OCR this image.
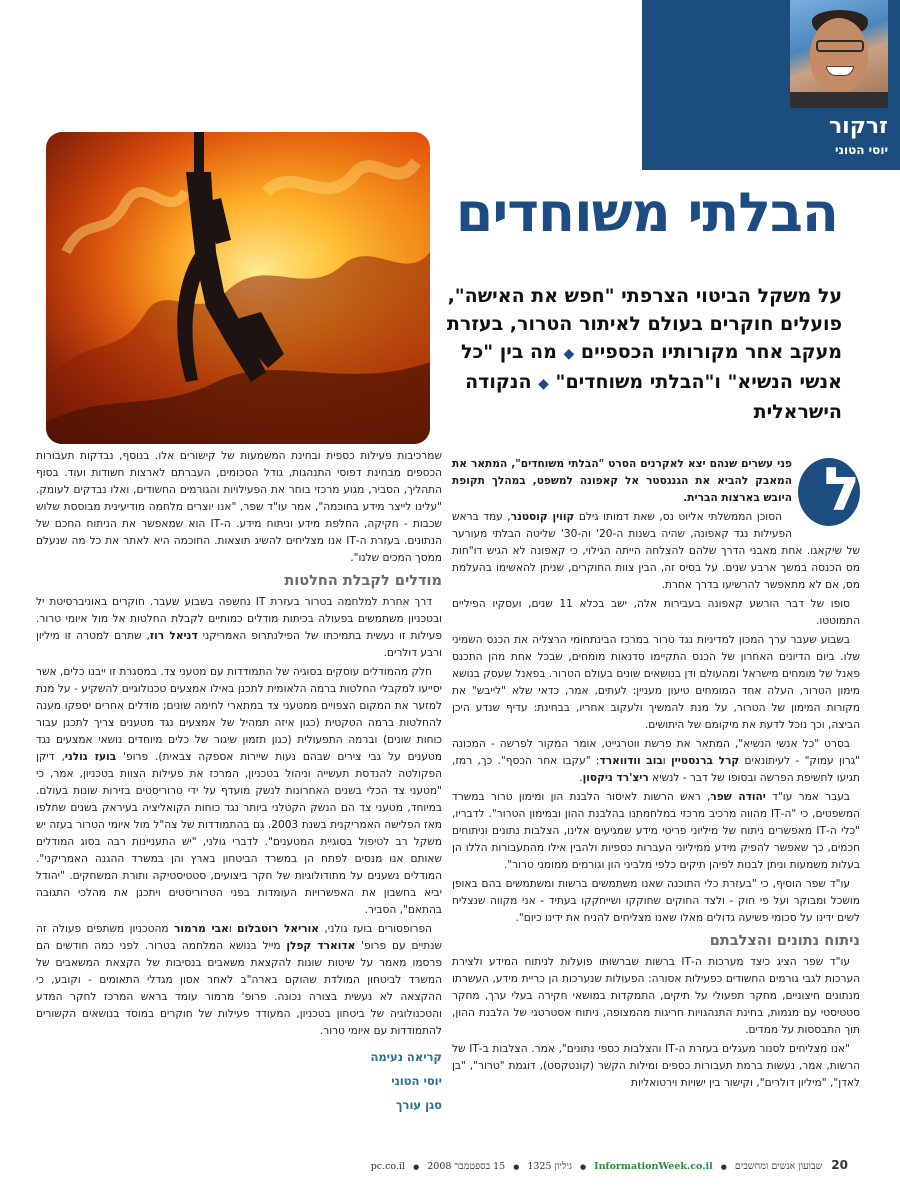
זרקור
יוסי הטוני
הבלתי משוחדים
על משקל הביטוי הצרפתי "חפש את האישה", פועלים חוקרים בעולם לאיתור הטרור, בעזרת מעקב אחר מקורותיו הכספיים ◆ מה בין "כל אנשי הנשיא" ו"הבלתי משוחדים" ◆ הנקודה הישראלית
ל

פני עשרים שנהם יצא לאקרנים הסרט "הבלתי משוחדים", המתאר את המאבק להביא את הגנגסטר אל קאפונה למשפט, במהלך תקופת היובש בארצות הברית.

הסוכן הממשלתי אליוט נס, שאת דמותו גילם קווין קוסטנר, עמד בראש הפעילות נגד קאפונה, שהיה בשנות ה-20' וה-30' שליטה הבלתי מעורער של שיקאגו. אחת מאבני הדרך שלהם להצלחה הייתה הגילוי, כי קאפונה לא הגיש דו"חות מס הכנסה במשך ארבע שנים. על בסיס זה, הבין צוות החוקרים, שניתן להאשימו בהעלמת מס, אם לא מתאפשר להרשיעו בדרך אחרת.

סופו של דבר הורשע קאפונה בעבירות אלה, ישב בכלא 11 שנים, ועסקיו הפיליים התמוטטו.

בשבוע שעבר ערך המכון למדיניות נגד טרור במרכז הבינתחומי הרצליה את הכנס השמיני שלו. ביום הדיונים האחרון של הכנס התקיימו סדנאות מומחים, שבכל אחת מהן התכנס פאנל של מומחים מישראל ומהעולם ודן בנושאים שונים בעולם הטרור. בפאנל שעסק בנושא מימון הטרור, העלה אחד המומחים טיעון מעניין: לעתים, אמר, כדאי שלא "לייבש" את מקורות המימון של הטרור, על מנת להמשיך ולעקוב אחריו, בבחינת: עדיף שנדע היכן הביצה, וכך נוכל לדעת את מיקומם של היתושים.

בסרט "כל אנשי הנשיא", המתאר את פרשת ווטרגייט, אומר המקור לפרשה - המכונה "גרון עמוק" - לעיתונאים קרל ברנסטיין ובוב וודווארד: "עקבו אחר הכסף". כך, רמז, תגיעו לחשיפת הפרשה ובסופו של דבר - לנשיא ריצ'רד ניקסון.

בעבר אמר עו"ד יהודה שפר, ראש הרשות לאיסור הלבנת הון ומימון טרור במשרד המשפטים, כי "ה-IT מהווה מרכיב מרכזי במלחמתנו בהלבנת ההון ובמימון הטרור". לדבריו, "כלי ה-IT מאפשרים ניתוח של מיליוני פריטי מידע שמגיעים אלינו, הצלבות נתונים וניתוחים חכמים, כך שאפשר להפיק מידע ממיליוני העברות כספיות ולהבין אילו מהתעבורות הללו הן בעלות משמעות וניתן לבנות לפיהן תיקים כלפי מלביני הון וגורמים ממומני טרור".

עו"ד שפר הוסיף, כי "בעזרת כלי התוכנה שאנו משתמשים ברשות ומשתמשים בהם באופן מושכל ומבוקר ועל פי חוק - ולצד החוקים שחוקקו ושייחקקו בעתיד - אני מקווה שנצליח לשים ידינו על סכומי פשיעה גדולים מאלו שאנו מצליחים להניח את ידינו כיום".

ניתוח נתונים והצלבתם

עו"ד שפר הציג כיצד מערכות ה-IT ברשות שברשותו פועלות לניתוח המידע ולצירת הערכות לגבי גורמים החשודים כפעילות אסורה: הפעולות שנערכות הן כריית מידע, העשרתו מנתונים חיצוניים, מחקר תפעולי על תיקים, התמקדות במושאי חקירה בעלי ערך, מחקר סטטיסטי עם מגמות, בחינת התנהגויות חריגות מהמצופה, ניתוח אסטרטגי של הלבנת ההון, תוך התבססות על ממדים.

"אנו מצליחים לסנור מעגלים בעזרת ה-IT והצלבות כספי נתונים", אמר. הצלבות ב-IT של הרשות, אמר, נעשות ברמת תעבורות כספים ומילות הקשר (קונטקסט), דוגמת "טרור", "בן לאדן", "מיליון דולרים", וקישור בין ישויות וירטואליות

שמרכיבות פעילות כספית ובחינת המשמעות של קישורים אלו. בנוסף, נבדקות תעבורות הכספים מבחינת דפוסי התנהגות, גודל הסכומים, העברתם לארצות חשודות ועוד. בסוף התהליך, הסביר, מגוע מרכזי בוחר את הפעילויות והגורמים החשודים, ואלו נבדקים לעומק. "עלינו לייצר מידע בחוכמה", אמר עו"ד שפר, "אנו יוצרים מלחמה מודיעינית מבוססת שלוש שכבות - חקיקה, החלפת מידע וניתוח מידע. ה-IT הוא שמאפשר את הניתוח החכם של הנתונים. בעזרת ה-IT אנו מצליחים להשיג תוצאות. החוכמה היא לאתר את כל מה שנעלם ממסך המכים שלנו".

מודלים לקבלת החלטות

דרך אחרת למלחמה בטרור בעזרת IT נחשפה בשבוע שעבר. חוקרים באוניברסיטת יל ובטכניון משתמשים בפעולה בכיתות מודלים כמותיים לקבלת החלטות אל מול איומי טרור. פעילות זו נעשית בתמיכתו של הפילנתרופ האמריקני דניאל רוז, שתרם למטרה זו מיליון ורבע דולרים.

חלק מהמודלים עוסקים בסוגיה של התמודדות עם מטעני צד. במסגרת זו ייבנו כלים, אשר יסייעו למקבלי החלטות ברמה הלאומית לתכנן באילו אמצעים טכנולוגיים להשקיע - על מנת למזער את המקום הצפויים ממטעני צד במתארי לחימה שונים; מודלים אחרים יספקו מענה להחלטות ברמה הטקטית (כגון איזה תמהיל של אמצעים נגד מטענים צריך לתכנן עבור כוחות שונים) וברמה התפעולית (כגון תזמון שיגור של כלים מיוחדים נושאי אמצעים נגד מטענים על גבי צירים שבהם נעות שיירות אספקה צבאית). פרופ' בועז גולני, דיקן הפקולטה להנדסת תעשייה וניהול בטכניון, המרכז את פעילות הצוות בטכניון, אמר, כי "מטעני צד הכלי בשנים האחרונות לנשק מועדף על ידי טרוריסטים בזירות שונות בעולם. במיוחד, מטעני צד הם הנשק הקטלני ביותר נגד כוחות הקואליציה בעיראק בשנים שחלפו מאז הפלישה האמריקנית בשנת 2003. גם בהתמודדות של צה"ל מול איומי הטרור בעזה יש משקל רב לטיפול בסוגיית המטענים". לדברי גולני, "יש התעניינות רבה בסוג המודלים שאותם אנו מנסים לפתח הן במשרד הביטחון בארץ והן במשרד ההגנה האמריקני". המודלים נשענים על מתודולוגיות של חקר ביצועים, סטטיסטיקה ותורת המשחקים. "יהודל יביא בחשבון את האפשרויות העומדות בפני הטרוריסטים ויתכנן את מהלכי התגובה בהתאם", הסביר.

הפרופסורים בועז גולני, אוריאל רוטבלום ואבי מרמור מהטכניון משתפים פעולה זה שנתיים עם פרופ' אדוארד קפלן מייל בנושא המלחמה בטרור. לפני כמה חודשים הם פרסמו מאמר על שיטות שונות להקצאת משאבים בנסיבות של הקצאת המשאבים של המשרד לביטחון המולדת שהוקם בארה"ב לאחר אסון מגדלי התאומים - וקובע, כי ההקצאה לא נעשית בצורה נכונה. פרופ' מרמור עומד בראש המרכז לחקר המדע והטכנולוגיה של ביטחון בטכניון, המעודד פעילות של חוקרים במוסד בנושאים הקשורים להתמודדות עם איומי טרור.

קריאה נעימה

יוסי הטוני

סגן עורך

20 שבועון אנשים ומחשבים ● InformationWeek.co.il ● גיליון 1325 ● 15 בספטמבר 2008 ● pc.co.il
